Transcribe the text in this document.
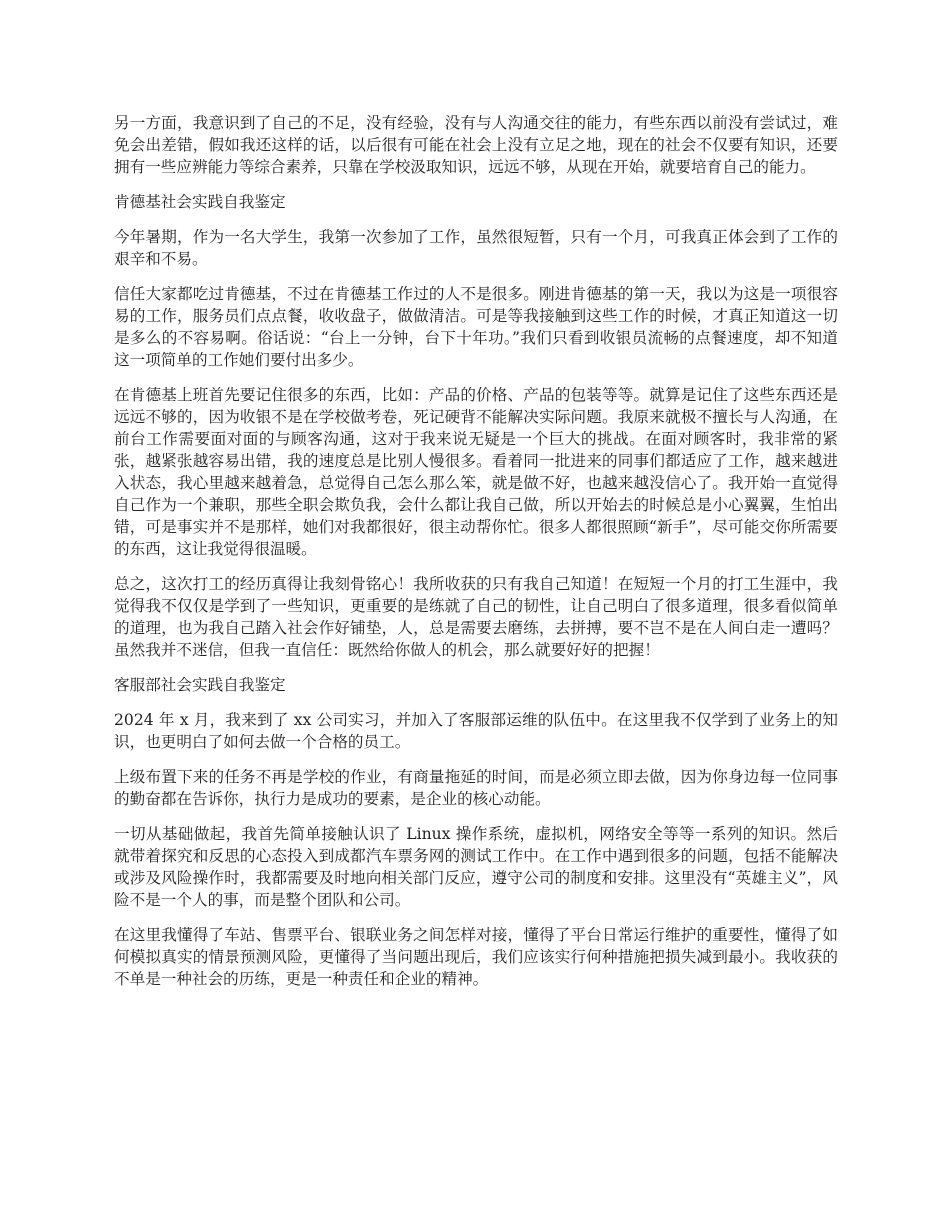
另一方面，我意识到了自己的不足，没有经验，没有与人沟通交往的能力，有些东西以前没有尝试过，难免会出差错，假如我还这样的话，以后很有可能在社会上没有立足之地，现在的社会不仅要有知识，还要拥有一些应辨能力等综合素养，只靠在学校汲取知识，远远不够，从现在开始，就要培育自己的能力。

肯德基社会实践自我鉴定

今年暑期，作为一名大学生，我第一次参加了工作，虽然很短暂，只有一个月，可我真正体会到了工作的艰辛和不易。

信任大家都吃过肯德基，不过在肯德基工作过的人不是很多。刚进肯德基的第一天，我以为这是一项很容易的工作，服务员们点点餐，收收盘子，做做清洁。可是等我接触到这些工作的时候，才真正知道这一切是多么的不容易啊。俗话说：“台上一分钟，台下十年功。”我们只看到收银员流畅的点餐速度，却不知道这一项简单的工作她们要付出多少。

在肯德基上班首先要记住很多的东西，比如：产品的价格、产品的包装等等。就算是记住了这些东西还是远远不够的，因为收银不是在学校做考卷，死记硬背不能解决实际问题。我原来就极不擅长与人沟通，在前台工作需要面对面的与顾客沟通，这对于我来说无疑是一个巨大的挑战。在面对顾客时，我非常的紧张，越紧张越容易出错，我的速度总是比别人慢很多。看着同一批进来的同事们都适应了工作，越来越进入状态，我心里越来越着急，总觉得自己怎么那么笨，就是做不好，也越来越没信心了。我开始一直觉得自己作为一个兼职，那些全职会欺负我，会什么都让我自己做，所以开始去的时候总是小心翼翼，生怕出错，可是事实并不是那样，她们对我都很好，很主动帮你忙。很多人都很照顾“新手”，尽可能交你所需要的东西，这让我觉得很温暖。

总之，这次打工的经历真得让我刻骨铭心！我所收获的只有我自己知道！在短短一个月的打工生涯中，我觉得我不仅仅是学到了一些知识，更重要的是练就了自己的韧性，让自己明白了很多道理，很多看似简单的道理，也为我自己踏入社会作好铺垫，人，总是需要去磨练，去拼搏，要不岂不是在人间白走一遭吗？虽然我并不迷信，但我一直信任：既然给你做人的机会，那么就要好好的把握！

客服部社会实践自我鉴定

2024 年 x 月，我来到了 xx 公司实习，并加入了客服部运维的队伍中。在这里我不仅学到了业务上的知识，也更明白了如何去做一个合格的员工。

上级布置下来的任务不再是学校的作业，有商量拖延的时间，而是必须立即去做，因为你身边每一位同事的勤奋都在告诉你，执行力是成功的要素，是企业的核心动能。

一切从基础做起，我首先简单接触认识了 Linux 操作系统，虚拟机，网络安全等等一系列的知识。然后就带着探究和反思的心态投入到成都汽车票务网的测试工作中。在工作中遇到很多的问题，包括不能解决或涉及风险操作时，我都需要及时地向相关部门反应，遵守公司的制度和安排。这里没有“英雄主义”，风险不是一个人的事，而是整个团队和公司。

在这里我懂得了车站、售票平台、银联业务之间怎样对接，懂得了平台日常运行维护的重要性，懂得了如何模拟真实的情景预测风险，更懂得了当问题出现后，我们应该实行何种措施把损失减到最小。我收获的不单是一种社会的历练，更是一种责任和企业的精神。
